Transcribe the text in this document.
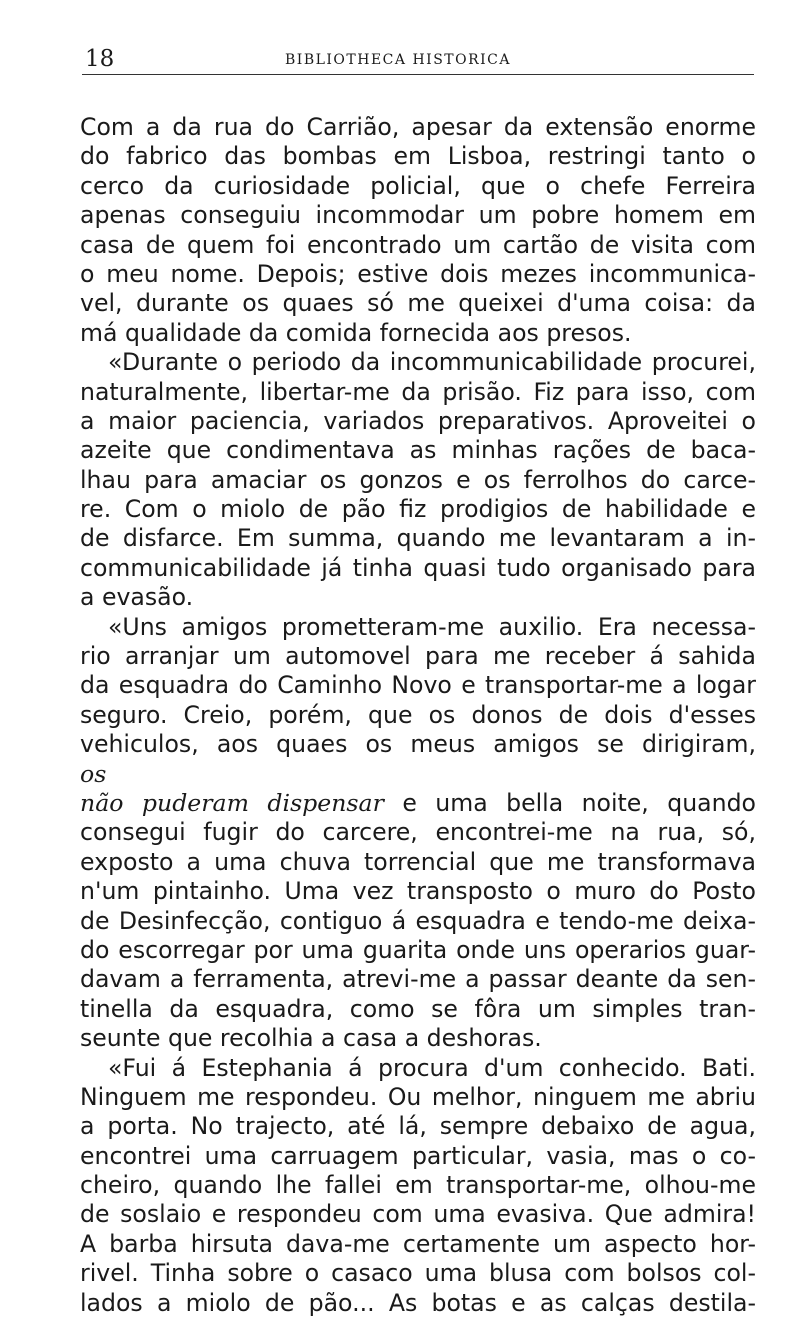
18	BIBLIOTHECA HISTORICA
Com a da rua do Carrião, apesar da extensão enorme
do fabrico das bombas em Lisboa, restringi tanto o
cerco da curiosidade policial, que o chefe Ferreira
apenas conseguiu incommodar um pobre homem em
casa de quem foi encontrado um cartão de visita com
o meu nome. Depois; estive dois mezes incommunica-
vel, durante os quaes só me queixei d'uma coisa: da
má qualidade da comida fornecida aos presos.
«Durante o periodo da incommunicabilidade procurei,
naturalmente, libertar-me da prisão. Fiz para isso, com
a maior paciencia, variados preparativos. Aproveitei o
azeite que condimentava as minhas rações de baca-
lhau para amaciar os gonzos e os ferrolhos do carce-
re. Com o miolo de pão fiz prodigios de habilidade e
de disfarce. Em summa, quando me levantaram a in-
communicabilidade já tinha quasi tudo organisado para
a evasão.
«Uns amigos prometteram-me auxilio. Era necessa-
rio arranjar um automovel para me receber á sahida
da esquadra do Caminho Novo e transportar-me a logar
seguro. Creio, porém, que os donos de dois d'esses
vehiculos, aos quaes os meus amigos se dirigiram,
os
não puderam dispensar e uma bella noite, quando
consegui fugir do carcere, encontrei-me na rua, só,
exposto a uma chuva torrencial que me transformava
n'um pintainho. Uma vez transposto o muro do Posto
de Desinfecção, contiguo á esquadra e tendo-me deixa-
do escorregar por uma guarita onde uns operarios guar-
davam a ferramenta, atrevi-me a passar deante da sen-
tinella da esquadra, como se fôra um simples tran-
seunte que recolhia a casa a deshoras.
«Fui á Estephania á procura d'um conhecido. Bati.
Ninguem me respondeu. Ou melhor, ninguem me abriu
a porta. No trajecto, até lá, sempre debaixo de agua,
encontrei uma carruagem particular, vasia, mas o co-
cheiro, quando lhe fallei em transportar-me, olhou-me
de soslaio e respondeu com uma evasiva. Que admira!
A barba hirsuta dava-me certamente um aspecto hor-
rivel. Tinha sobre o casaco uma blusa com bolsos col-
lados a miolo de pão... As botas e as calças destila-
